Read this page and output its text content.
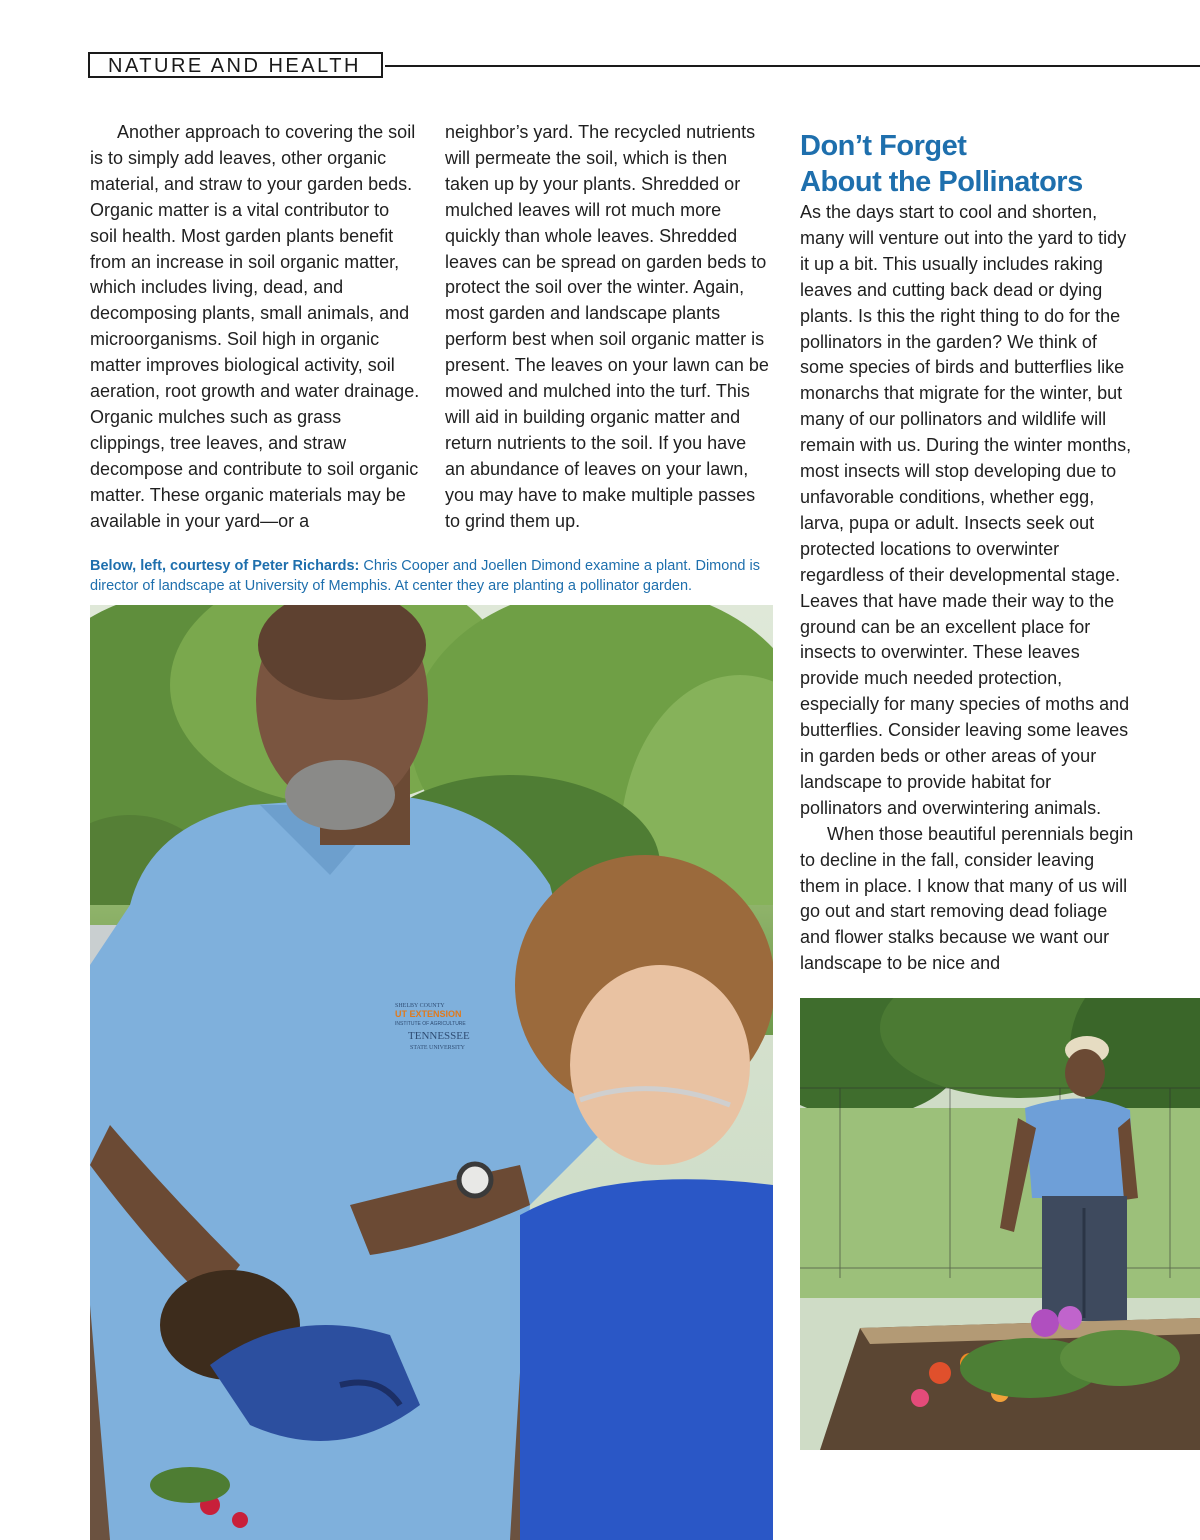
NATURE AND HEALTH

Another approach to covering the soil is to simply add leaves, other organic material, and straw to your garden beds. Organic matter is a vital contributor to soil health. Most garden plants benefit from an increase in soil organic matter, which includes living, dead, and decomposing plants, small animals, and microorganisms. Soil high in organic matter improves biological activity, soil aeration, root growth and water drainage. Organic mulches such as grass clippings, tree leaves, and straw decompose and contribute to soil organic matter. These organic materials may be available in your yard—or a

neighbor’s yard. The recycled nutrients will permeate the soil, which is then taken up by your plants. Shredded or mulched leaves will rot much more quickly than whole leaves. Shredded leaves can be spread on garden beds to protect the soil over the winter. Again, most garden and landscape plants perform best when soil organic matter is present. The leaves on your lawn can be mowed and mulched into the turf. This will aid in building organic matter and return nutrients to the soil. If you have an abundance of leaves on your lawn, you may have to make multiple passes to grind them up.

Don’t Forget
About the Pollinators

As the days start to cool and shorten, many will venture out into the yard to tidy it up a bit. This usually includes raking leaves and cutting back dead or dying plants. Is this the right thing to do for the pollinators in the garden? We think of some species of birds and butterflies like monarchs that migrate for the winter, but many of our pollinators and wildlife will remain with us. During the winter months, most insects will stop developing due to unfavorable conditions, whether egg, larva, pupa or adult. Insects seek out protected locations to overwinter regardless of their developmental stage. Leaves that have made their way to the ground can be an excellent place for insects to overwinter. These leaves provide much needed protection, especially for many species of moths and butterflies. Consider leaving some leaves in garden beds or other areas of your landscape to provide habitat for pollinators and overwintering animals.

When those beautiful perennials begin to decline in the fall, consider leaving them in place. I know that many of us will go out and start removing dead foliage and flower stalks because we want our landscape to be nice and

Below, left, courtesy of Peter Richards: Chris Cooper and Joellen Dimond examine a plant. Dimond is director of landscape at University of Memphis. At center they are planting a pollinator garden.
SHELBY COUNTY
UT EXTENSION
INSTITUTE OF AGRICULTURE
TENNESSEE
STATE UNIVERSITY
